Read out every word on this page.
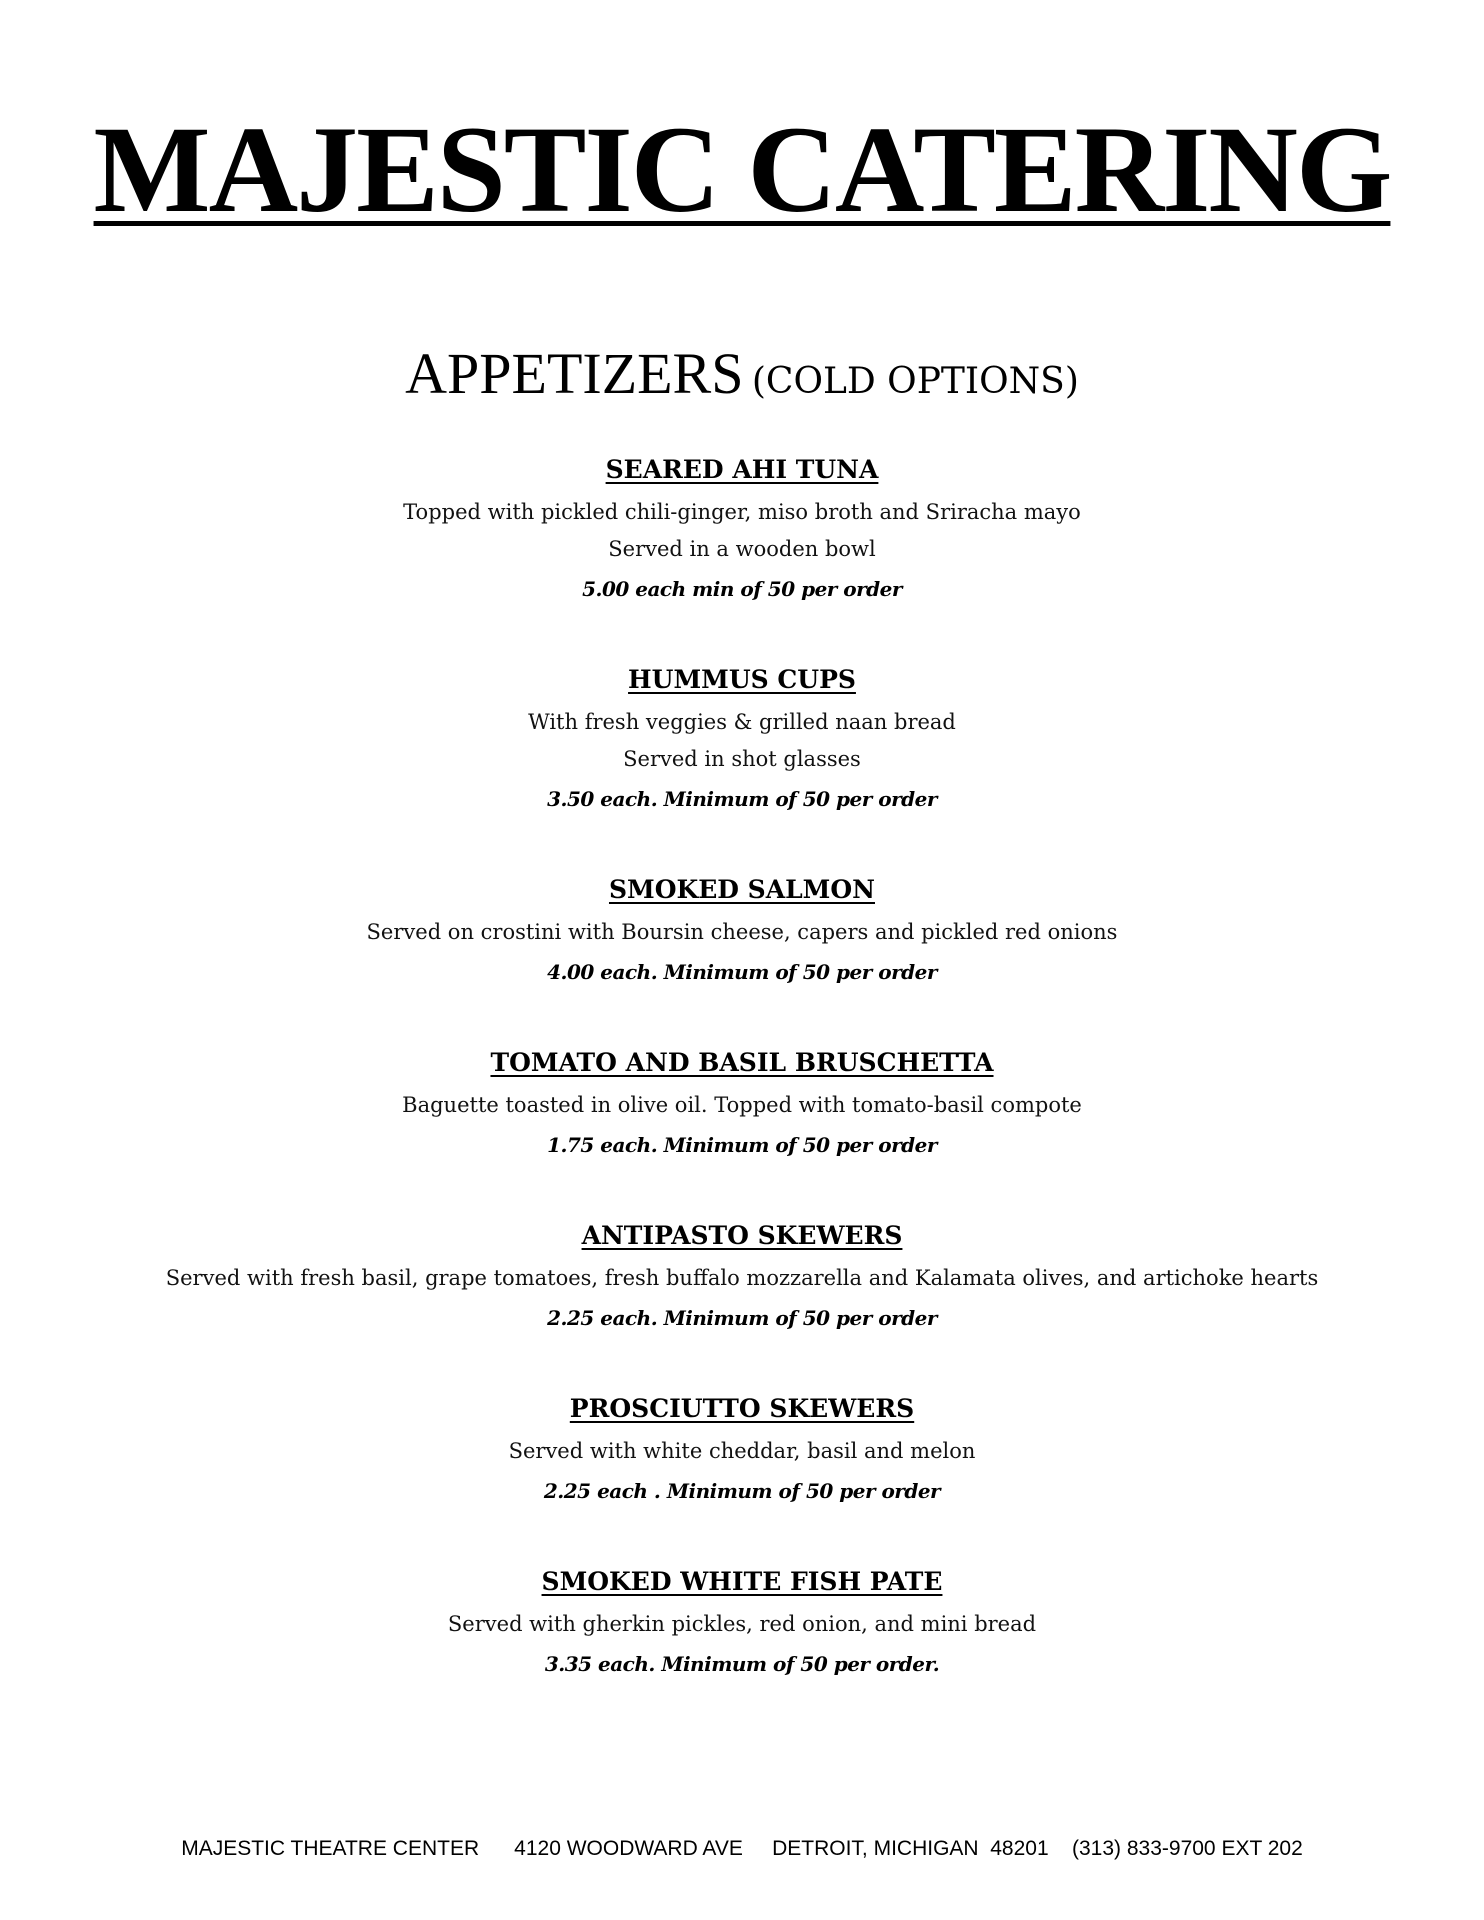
MAJESTIC CATERING
APPETIZERS (COLD OPTIONS)
SEARED AHI TUNA
Topped with pickled chili-ginger, miso broth and Sriracha mayo
Served in a wooden bowl
5.00 each min of 50 per order
HUMMUS CUPS
With fresh veggies & grilled naan bread
Served in shot glasses
3.50 each. Minimum of 50 per order
SMOKED SALMON
Served on crostini with Boursin cheese, capers and pickled red onions
4.00 each. Minimum of 50 per order
TOMATO AND BASIL BRUSCHETTA
Baguette toasted in olive oil. Topped with tomato-basil compote
1.75 each. Minimum of 50 per order
ANTIPASTO SKEWERS
Served with fresh basil, grape tomatoes, fresh buffalo mozzarella and Kalamata olives, and artichoke hearts
2.25 each. Minimum of 50 per order
PROSCIUTTO SKEWERS
Served with white cheddar, basil and melon
2.25 each . Minimum of 50 per order
SMOKED WHITE FISH PATE
Served with gherkin pickles, red onion, and mini bread
3.35 each. Minimum of 50 per order.
MAJESTIC THEATRE CENTER 4120 WOODWARD AVE DETROIT, MICHIGAN  48201 (313) 833-9700 EXT 202
